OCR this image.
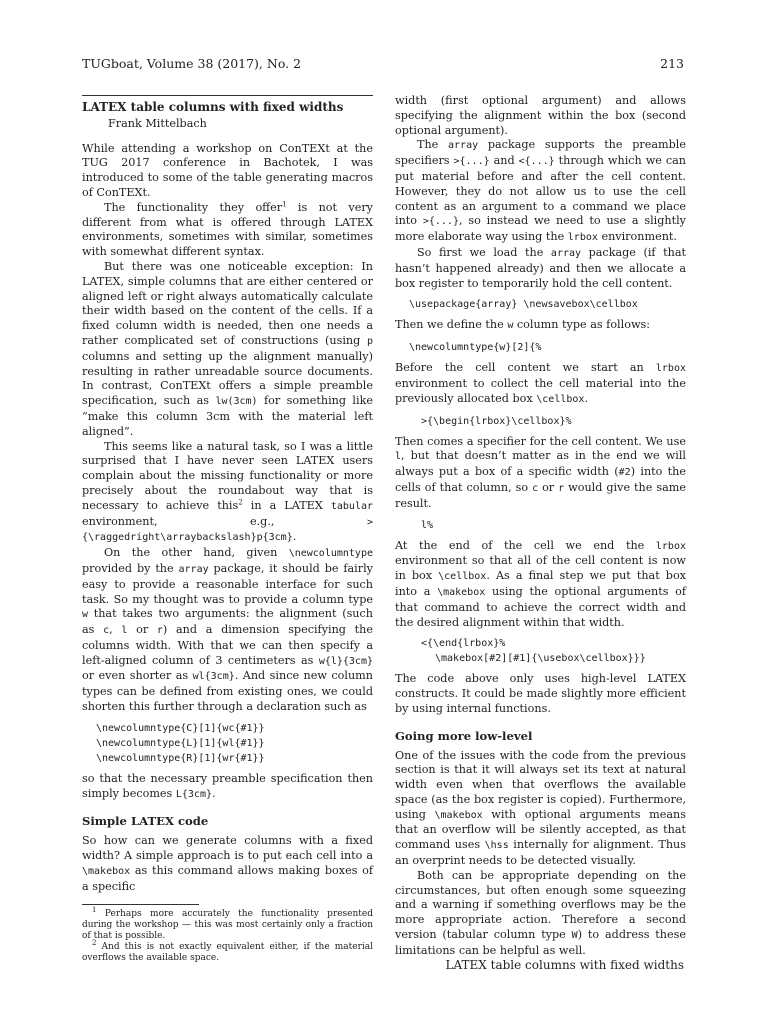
TUGboat, Volume 38 (2017), No. 2	213
LATEX table columns with fixed widths
Frank Mittelbach

While attending a workshop on ConTEXt at the TUG 2017 conference in Bachotek, I was introduced to some of the table generating macros of ConTEXt.

The functionality they offer$^1$ is not very different from what is offered through LATEX environments, sometimes with similar, sometimes with somewhat different syntax.

But there was one noticeable exception: In LATEX, simple columns that are either centered or aligned left or right always automatically calculate their width based on the content of the cells. If a fixed column width is needed, then one needs a rather complicated set of constructions (using p columns and setting up the alignment manually) resulting in rather unreadable source documents. In contrast, ConTEXt offers a simple preamble specification, such as lw(3cm) for something like “make this column 3cm with the material left aligned”.

This seems like a natural task, so I was a little surprised that I have never seen LATEX users complain about the missing functionality or more precisely about the roundabout way that is necessary to achieve this$^2$ in a LATEX tabular environment, e.g., >{\raggedright\arraybackslash}p{3cm}.

On the other hand, given \newcolumntype provided by the array package, it should be fairly easy to provide a reasonable interface for such task. So my thought was to provide a column type w that takes two arguments: the alignment (such as c, l or r) and a dimension specifying the columns width. With that we can then specify a left-aligned column of 3 centimeters as w{l}{3cm} or even shorter as wl{3cm}. And since new column types can be defined from existing ones, we could shorten this further through a declaration such as

\newcolumntype{C}[1]{wc{#1}}
\newcolumntype{L}[1]{wl{#1}}
\newcolumntype{R}[1]{wr{#1}}

so that the necessary preamble specification then simply becomes L{3cm}.

Simple LATEX code

So how can we generate columns with a fixed width? A simple approach is to put each cell into a \makebox as this command allows making boxes of a specific

$^1$ Perhaps more accurately the functionality presented during the workshop — this was most certainly only a fraction of that is possible.

$^2$ And this is not exactly equivalent either, if the material overflows the available space.

width (first optional argument) and allows specifying the alignment within the box (second optional argument).

The array package supports the preamble specifiers >{...} and <{...} through which we can put material before and after the cell content. However, they do not allow us to use the cell content as an argument to a command we place into >{...}, so instead we need to use a slightly more elaborate way using the lrbox environment.

So first we load the array package (if that hasn’t happened already) and then we allocate a box register to temporarily hold the cell content.

\usepackage{array} \newsavebox\cellbox

Then we define the w column type as follows:

\newcolumntype{w}[2]{%

Before the cell content we start an lrbox environment to collect the cell material into the previously allocated box \cellbox.

>{\begin{lrbox}\cellbox}%

Then comes a specifier for the cell content. We use l, but that doesn’t matter as in the end we will always put a box of a specific width (#2) into the cells of that column, so c or r would give the same result.

l%

At the end of the cell we end the lrbox environment so that all of the cell content is now in box \cellbox. As a final step we put that box into a \makebox using the optional arguments of that command to achieve the correct width and the desired alignment within that width.

<{\end{lrbox}%
\makebox[#2][#1]{\usebox\cellbox}}}

The code above only uses high-level LATEX constructs. It could be made slightly more efficient by using internal functions.

Going more low-level

One of the issues with the code from the previous section is that it will always set its text at natural width even when that overflows the available space (as the box register is copied). Furthermore, using \makebox with optional arguments means that an overflow will be silently accepted, as that command uses \hss internally for alignment. Thus an overprint needs to be detected visually.

Both can be appropriate depending on the circumstances, but often enough some squeezing and a warning if something overflows may be the more appropriate action. Therefore a second version (tabular column type W) to address these limitations can be helpful as well.

LATEX table columns with fixed widths
